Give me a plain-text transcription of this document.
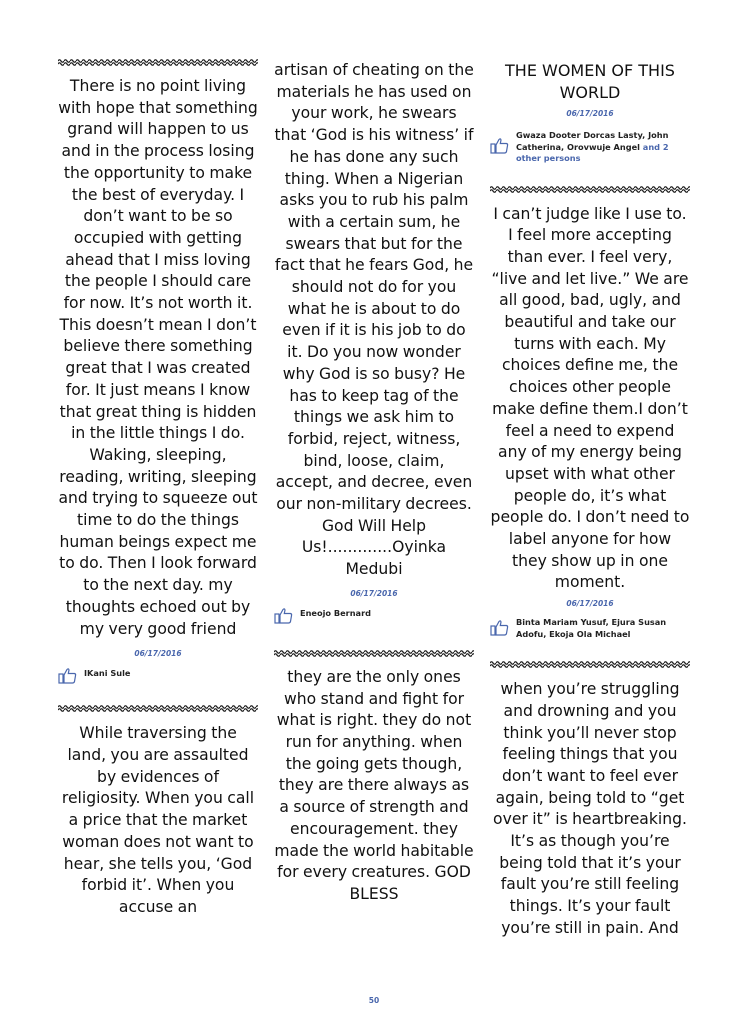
There is no point living with hope that something grand will happen to us and in the process losing the opportunity to make the best of everyday. I don’t want to be so occupied with getting ahead that I miss loving the people I should care for now. It’s not worth it. This doesn’t mean I don’t believe there something great that I was created for. It just means I know that great thing is hidden in the little things I do. Waking, sleeping, reading, writing, sleeping and trying to squeeze out time to do the things human beings expect me to do. Then I look forward to the next day. my thoughts echoed out by my very good friend

06/17/2016

IKani Sule

While traversing the land, you are assaulted by evidences of religiosity. When you call a price that the market woman does not want to hear, she tells you, ‘God forbid it’. When you accuse an

artisan of cheating on the materials he has used on your work, he swears that ‘God is his witness’ if he has done any such thing. When a Nigerian asks you to rub his palm with a certain sum, he swears that but for the fact that he fears God, he should not do for you what he is about to do even if it is his job to do it. Do you now wonder why God is so busy? He has to keep tag of the things we ask him to forbid, reject, witness, bind, loose, claim, accept, and decree, even our non-military decrees. God Will Help Us!.............Oyinka Medubi

06/17/2016

Eneojo Bernard

they are the only ones who stand and fight for what is right. they do not run for anything. when the going gets though, they are there always as a source of strength and encouragement. they made the world habitable for every creatures. GOD BLESS

THE WOMEN OF THIS WORLD

06/17/2016

Gwaza Dooter Dorcas Lasty, John Catherina, Orovwuje Angel and 2 other persons

I can’t judge like I use to. I feel more accepting than ever. I feel very, “live and let live.” We are all good, bad, ugly, and beautiful and take our turns with each. My choices define me, the choices other people make define them.I don’t feel a need to expend any of my energy being upset with what other people do, it’s what people do. I don’t need to label anyone for how they show up in one moment.

06/17/2016

Binta Mariam Yusuf, Ejura Susan Adofu, Ekoja Ola Michael

when you’re struggling and drowning and you think you’ll never stop feeling things that you don’t want to feel ever again, being told to “get over it” is heartbreaking. It’s as though you’re being told that it’s your fault you’re still feeling things. It’s your fault you’re still in pain. And

50
